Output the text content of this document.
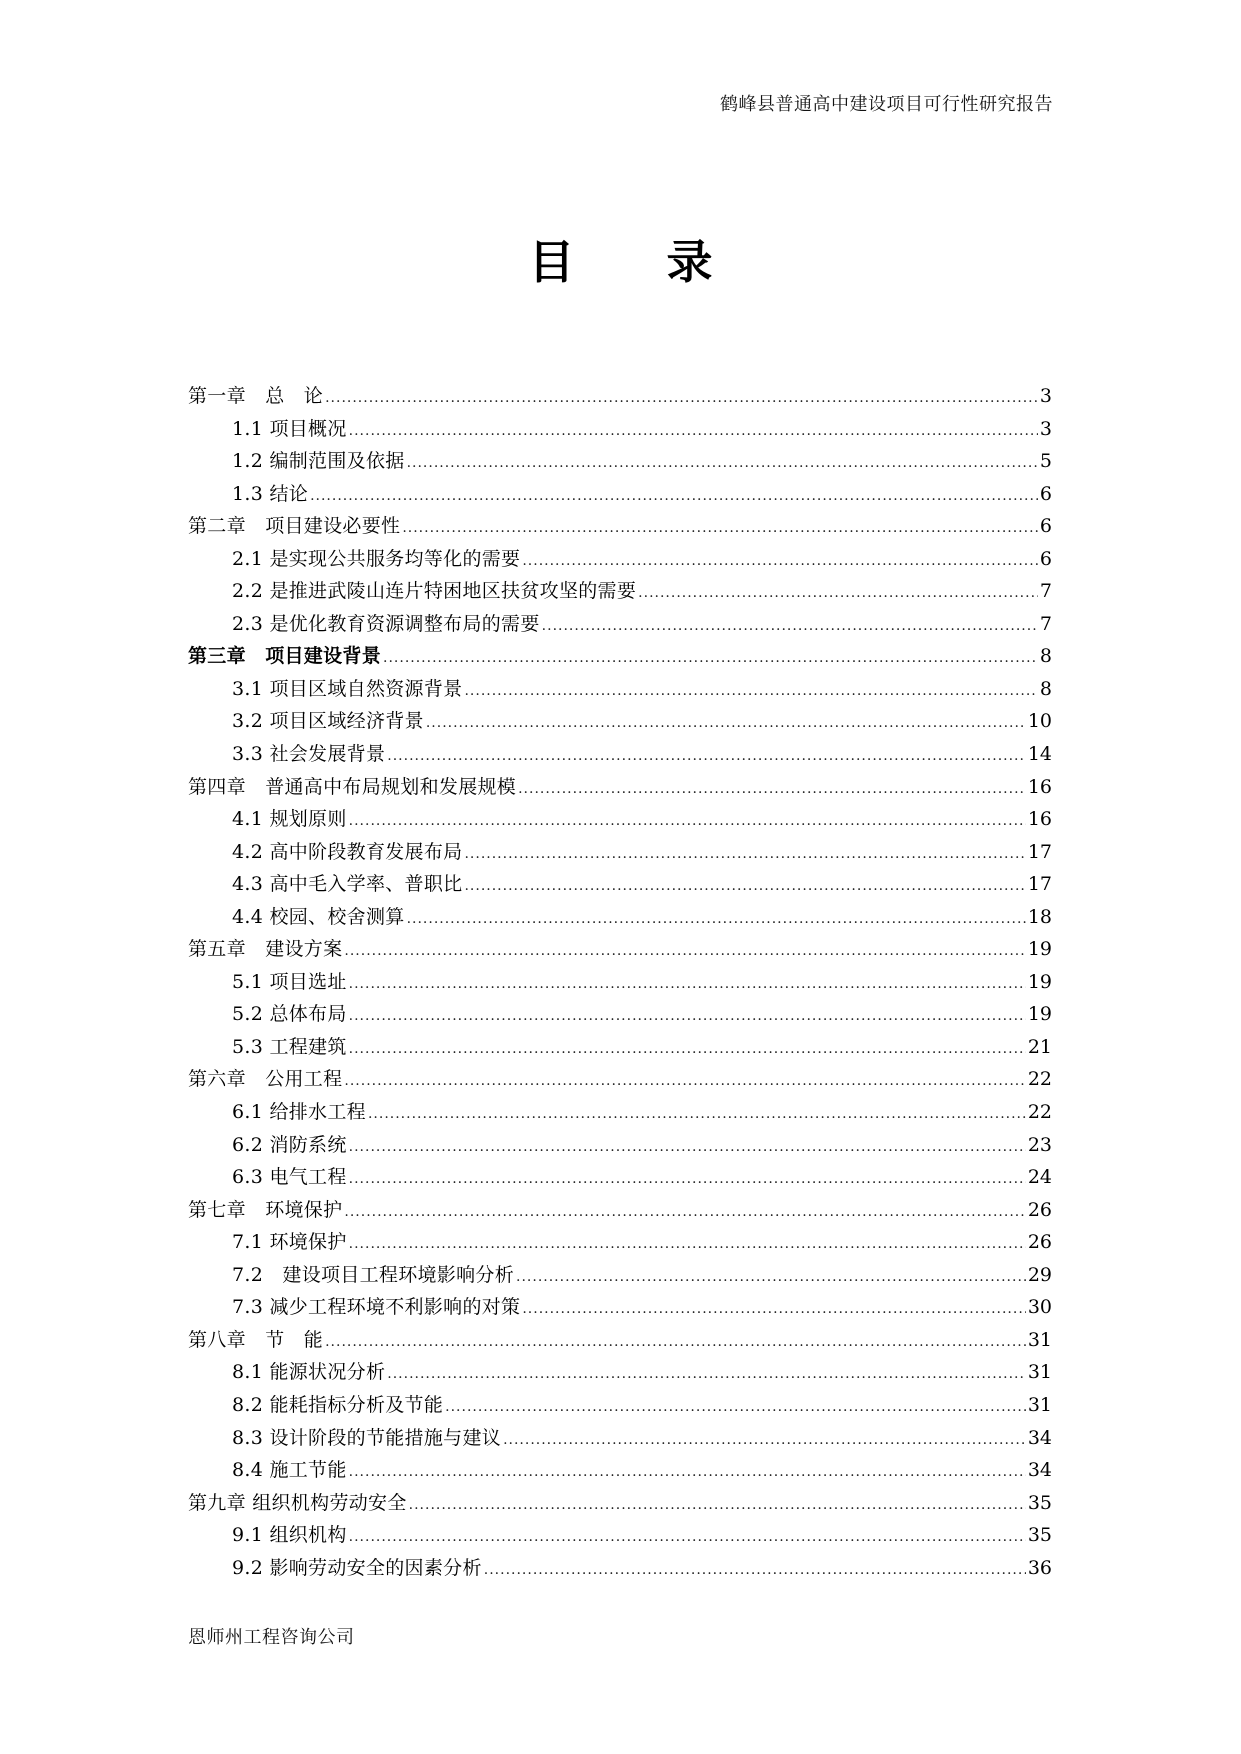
鹤峰县普通高中建设项目可行性研究报告
目 录
第一章　总　论 .....	3
1.1 项目概况 .....	3
1.2 编制范围及依据 .....	5
1.3 结论 .....	6
第二章　项目建设必要性 .....	6
2.1 是实现公共服务均等化的需要 .....	6
2.2 是推进武陵山连片特困地区扶贫攻坚的需要 .....	7
2.3 是优化教育资源调整布局的需要 .....	7
第三章　项目建设背景 .....	8
3.1 项目区域自然资源背景 .....	8
3.2 项目区域经济背景 .....	10
3.3 社会发展背景 .....	14
第四章　普通高中布局规划和发展规模 .....	16
4.1 规划原则 .....	16
4.2 高中阶段教育发展布局 .....	17
4.3 高中毛入学率、普职比 .....	17
4.4 校园、校舍测算 .....	18
第五章　建设方案 .....	19
5.1 项目选址 .....	19
5.2 总体布局 .....	19
5.3 工程建筑 .....	21
第六章　公用工程 .....	22
6.1 给排水工程 .....	22
6.2 消防系统 .....	23
6.3 电气工程 .....	24
第七章　环境保护 .....	26
7.1 环境保护 .....	26
7.2　建设项目工程环境影响分析 .....	29
7.3 减少工程环境不利影响的对策 .....	30
第八章　节　能 .....	31
8.1 能源状况分析 .....	31
8.2 能耗指标分析及节能 .....	31
8.3 设计阶段的节能措施与建议 .....	34
8.4 施工节能 .....	34
第九章 组织机构劳动安全 .....	35
9.1 组织机构 .....	35
9.2 影响劳动安全的因素分析 .....	36
恩师州工程咨询公司
